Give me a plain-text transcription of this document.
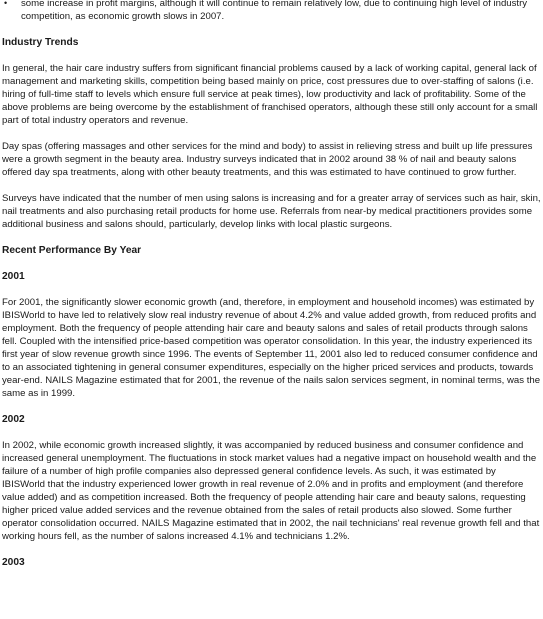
•	some increase in profit margins, although it will continue to remain relatively low, due to continuing high level of industry competition, as economic growth slows in 2007.

Industry Trends

In general, the hair care industry suffers from significant financial problems caused by a lack of working capital, general lack of management and marketing skills, competition being based mainly on price, cost pressures due to over-staffing of salons (i.e. hiring of full-time staff to levels which ensure full service at peak times), low productivity and lack of profitability. Some of the above problems are being overcome by the establishment of franchised operators, although these still only account for a small part of total industry operators and revenue.

Day spas (offering massages and other services for the mind and body) to assist in relieving stress and built up life pressures were a growth segment in the beauty area. Industry surveys indicated that in 2002 around 38 % of nail and beauty salons offered day spa treatments, along with other beauty treatments, and this was estimated to have continued to grow further.

Surveys have indicated that the number of men using salons is increasing and for a greater array of services such as hair, skin, nail treatments and also purchasing retail products for home use. Referrals from near-by medical practitioners provides some additional business and salons should, particularly, develop links with local plastic surgeons.

Recent Performance By Year
2001

For 2001, the significantly slower economic growth (and, therefore, in employment and household incomes) was estimated by IBISWorld to have led to relatively slow real industry revenue of about 4.2% and value added growth, from reduced profits and employment. Both the frequency of people attending hair care and beauty salons and sales of retail products through salons fell. Coupled with the intensified price-based competition was operator consolidation. In this year, the industry experienced its first year of slow revenue growth since 1996. The events of September 11, 2001 also led to reduced consumer confidence and to an associated tightening in general consumer expenditures, especially on the higher priced services and products, towards year-end. NAILS Magazine estimated that for 2001, the revenue of the nails salon services segment, in nominal terms, was the same as in 1999.

2002

In 2002, while economic growth increased slightly, it was accompanied by reduced business and consumer confidence and increased general unemployment. The fluctuations in stock market values had a negative impact on household wealth and the failure of a number of high profile companies also depressed general confidence levels. As such, it was estimated by IBISWorld that the industry experienced lower growth in real revenue of 2.0% and in profits and employment (and therefore value added) and as competition increased. Both the frequency of people attending hair care and beauty salons, requesting higher priced value added services and the revenue obtained from the sales of retail products also slowed. Some further operator consolidation occurred. NAILS Magazine estimated that in 2002, the nail technicians' real revenue growth fell and that working hours fell, as the number of salons increased 4.1% and technicians 1.2%.

2003
